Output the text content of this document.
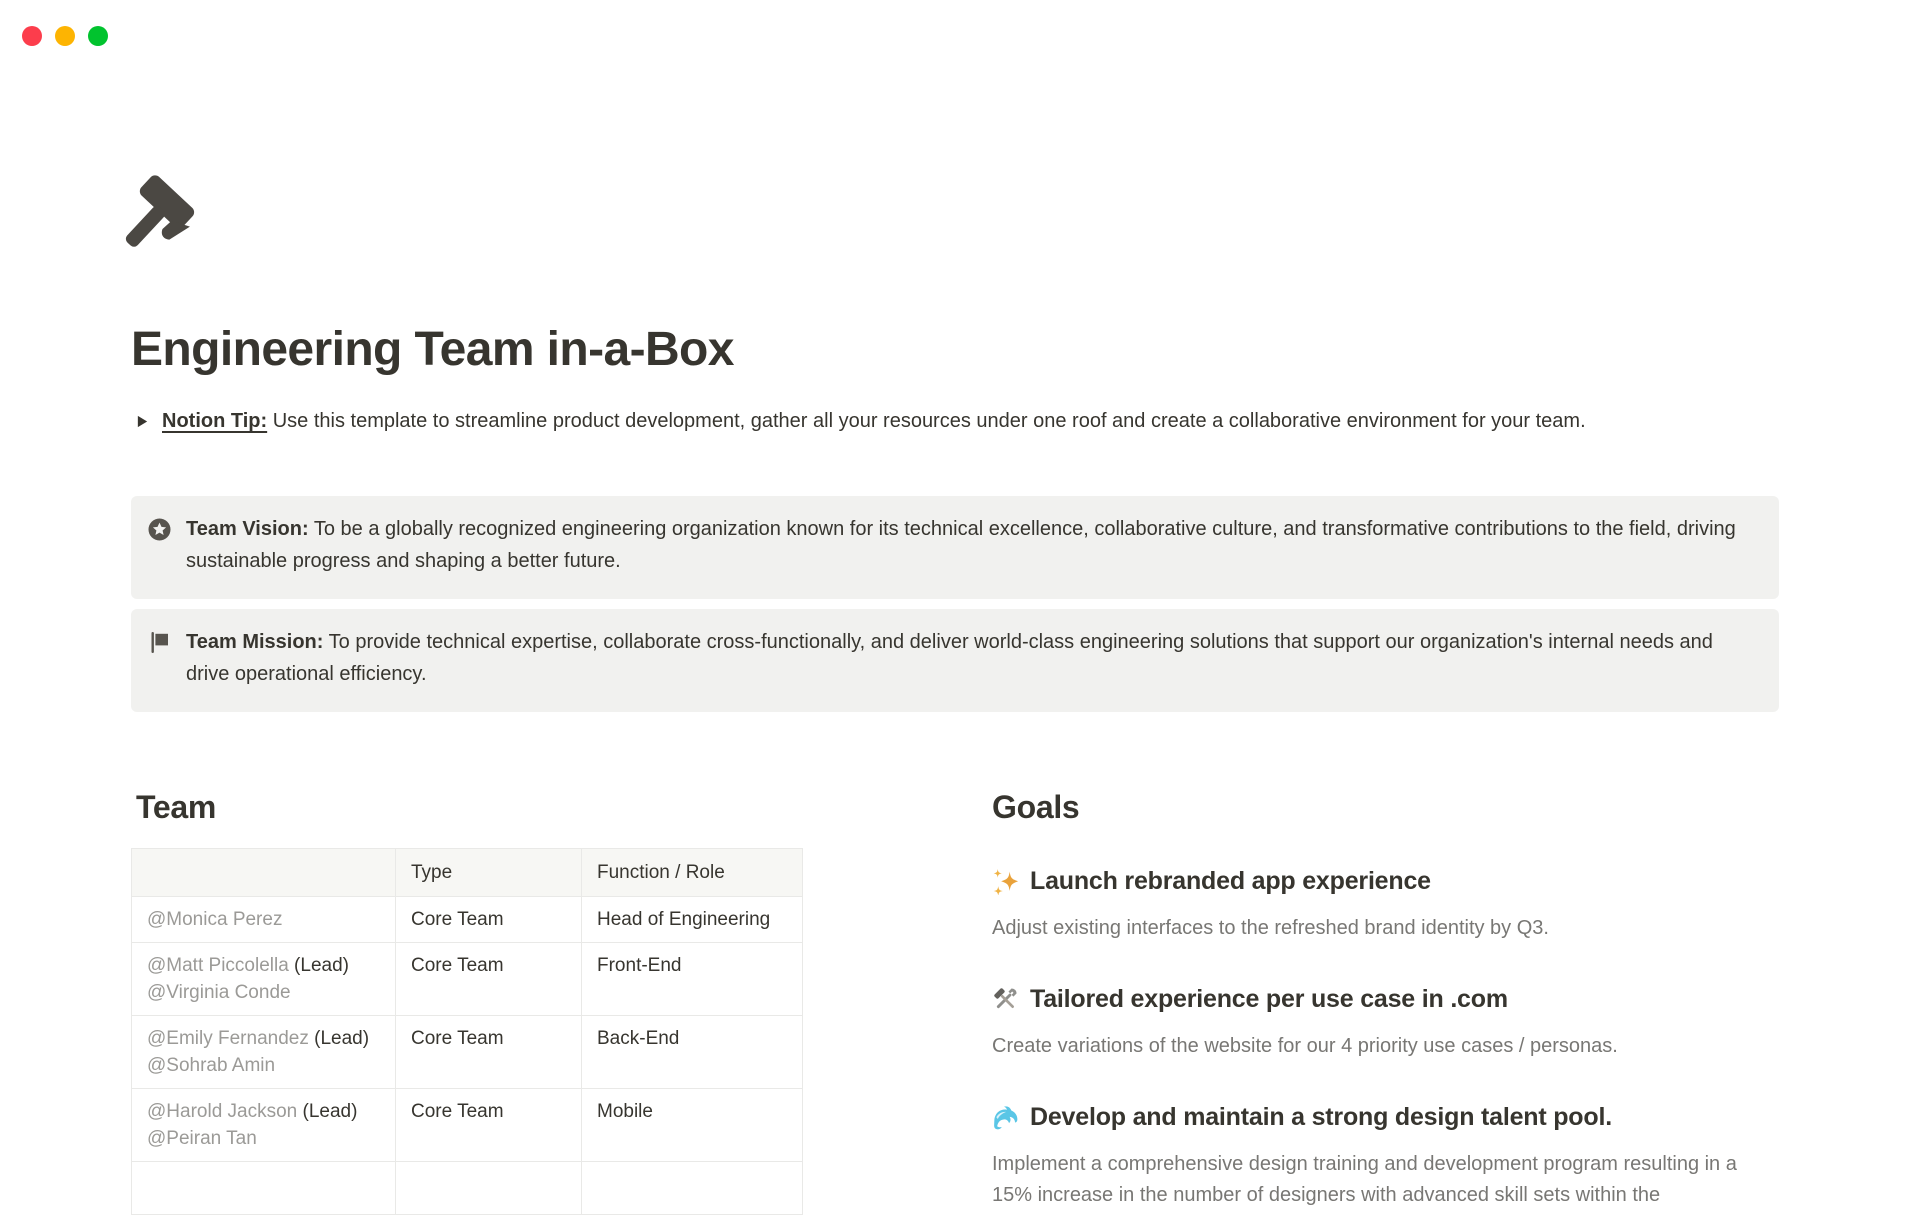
Engineering Team in-a-Box

Notion Tip: Use this template to streamline product development, gather all your resources under one roof and create a collaborative environment for your team.

Team Vision: To be a globally recognized engineering organization known for its technical excellence, collaborative culture, and transformative contributions to the field, driving sustainable progress and shaping a better future.

Team Mission: To provide technical expertise, collaborate cross-functionally, and deliver world-class engineering solutions that support our organization's internal needs and drive operational efficiency.

Team
	Type	Function / Role
@Monica Perez	Core Team	Head of Engineering
@Matt Piccolella (Lead)
@Virginia Conde	Core Team	Front-End
@Emily Fernandez (Lead)
@Sohrab Amin	Core Team	Back-End
@Harold Jackson (Lead)
@Peiran Tan	Core Team	Mobile

Goals
Launch rebranded app experience

Adjust existing interfaces to the refreshed brand identity by Q3.

Tailored experience per use case in .com

Create variations of the website for our 4 priority use cases / personas.

Develop and maintain a strong design talent pool.

Implement a comprehensive design training and development program resulting in a 15% increase in the number of designers with advanced skill sets within the
